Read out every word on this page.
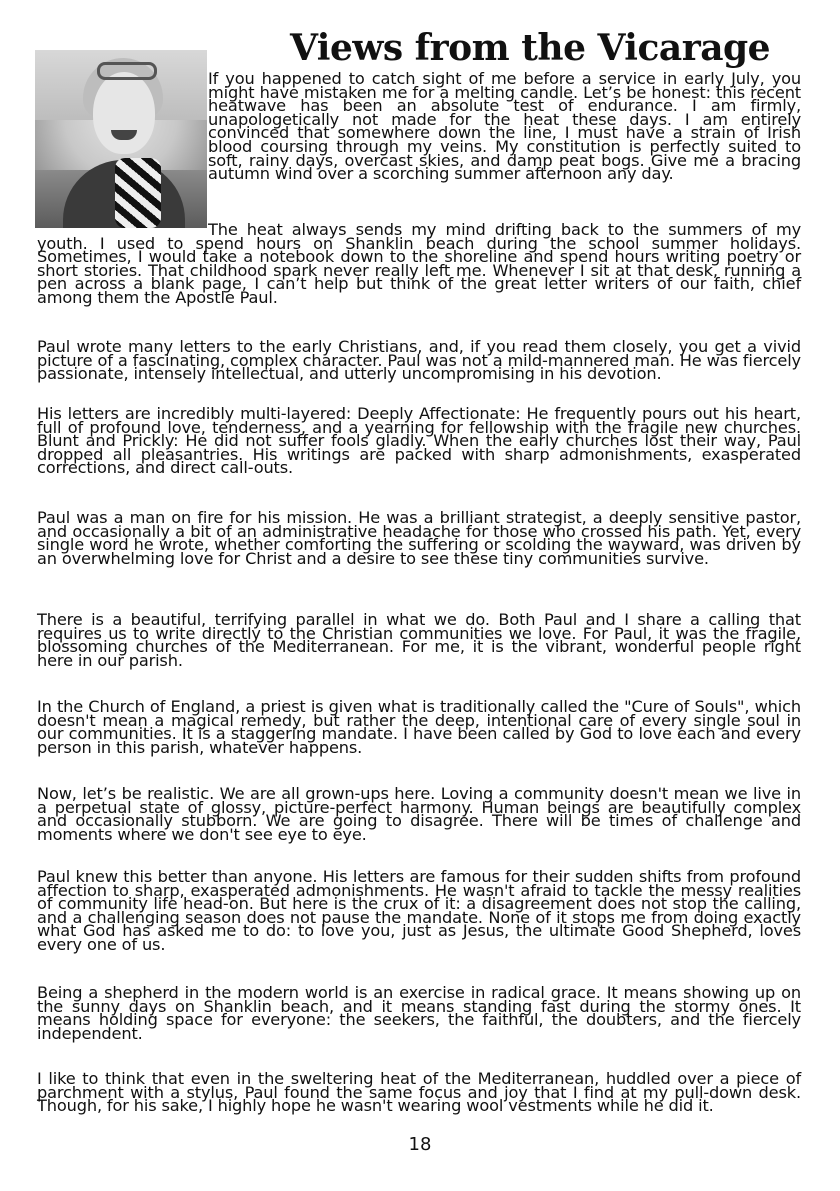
Views from the Vicarage

If you happened to catch sight of me before a service in early July, you might have mistaken me for a melting candle. Let’s be honest: this recent heatwave has been an absolute test of endurance. I am firmly, unapologetically not made for the heat these days. I am entirely convinced that somewhere down the line, I must have a strain of Irish blood coursing through my veins. My constitution is perfectly suited to soft, rainy days, overcast skies, and damp peat bogs. Give me a bracing autumn wind over a scorching summer afternoon any day.

The heat always sends my mind drifting back to the summers of my youth. I used to spend hours on Shanklin beach during the school summer holidays. Sometimes, I would take a notebook down to the shoreline and spend hours writing poetry or short stories. That childhood spark never really left me. Whenever I sit at that desk, running a pen across a blank page, I can’t help but think of the great letter writers of our faith, chief among them the Apostle Paul.

Paul wrote many letters to the early Christians, and, if you read them closely, you get a vivid picture of a fascinating, complex character. Paul was not a mild-mannered man. He was fiercely passionate, intensely intellectual, and utterly uncompromising in his devotion.

His letters are incredibly multi-layered: Deeply Affectionate: He frequently pours out his heart, full of profound love, tenderness, and a yearning for fellowship with the fragile new churches. Blunt and Prickly: He did not suffer fools gladly. When the early churches lost their way, Paul dropped all pleasantries. His writings are packed with sharp admonishments, exasperated corrections, and direct call-outs.

Paul was a man on fire for his mission. He was a brilliant strategist, a deeply sensitive pastor, and occasionally a bit of an administrative headache for those who crossed his path. Yet, every single word he wrote, whether comforting the suffering or scolding the wayward, was driven by an overwhelming love for Christ and a desire to see these tiny communities survive.

There is a beautiful, terrifying parallel in what we do. Both Paul and I share a calling that requires us to write directly to the Christian communities we love. For Paul, it was the fragile, blossoming churches of the Mediterranean. For me, it is the vibrant, wonderful people right here in our parish.

In the Church of England, a priest is given what is traditionally called the "Cure of Souls", which doesn't mean a magical remedy, but rather the deep, intentional care of every single soul in our communities. It is a staggering mandate. I have been called by God to love each and every person in this parish, whatever happens.

Now, let’s be realistic. We are all grown-ups here. Loving a community doesn't mean we live in a perpetual state of glossy, picture-perfect harmony. Human beings are beautifully complex and occasionally stubborn. We are going to disagree. There will be times of challenge and moments where we don't see eye to eye.

Paul knew this better than anyone. His letters are famous for their sudden shifts from profound affection to sharp, exasperated admonishments. He wasn't afraid to tackle the messy realities of community life head-on. But here is the crux of it: a disagreement does not stop the calling, and a challenging season does not pause the mandate. None of it stops me from doing exactly what God has asked me to do: to love you, just as Jesus, the ultimate Good Shepherd, loves every one of us.

Being a shepherd in the modern world is an exercise in radical grace. It means showing up on the sunny days on Shanklin beach, and it means standing fast during the stormy ones. It means holding space for everyone: the seekers, the faithful, the doubters, and the fiercely independent.

I like to think that even in the sweltering heat of the Mediterranean, huddled over a piece of parchment with a stylus, Paul found the same focus and joy that I find at my pull-down desk. Though, for his sake, I highly hope he wasn't wearing wool vestments while he did it.

18
